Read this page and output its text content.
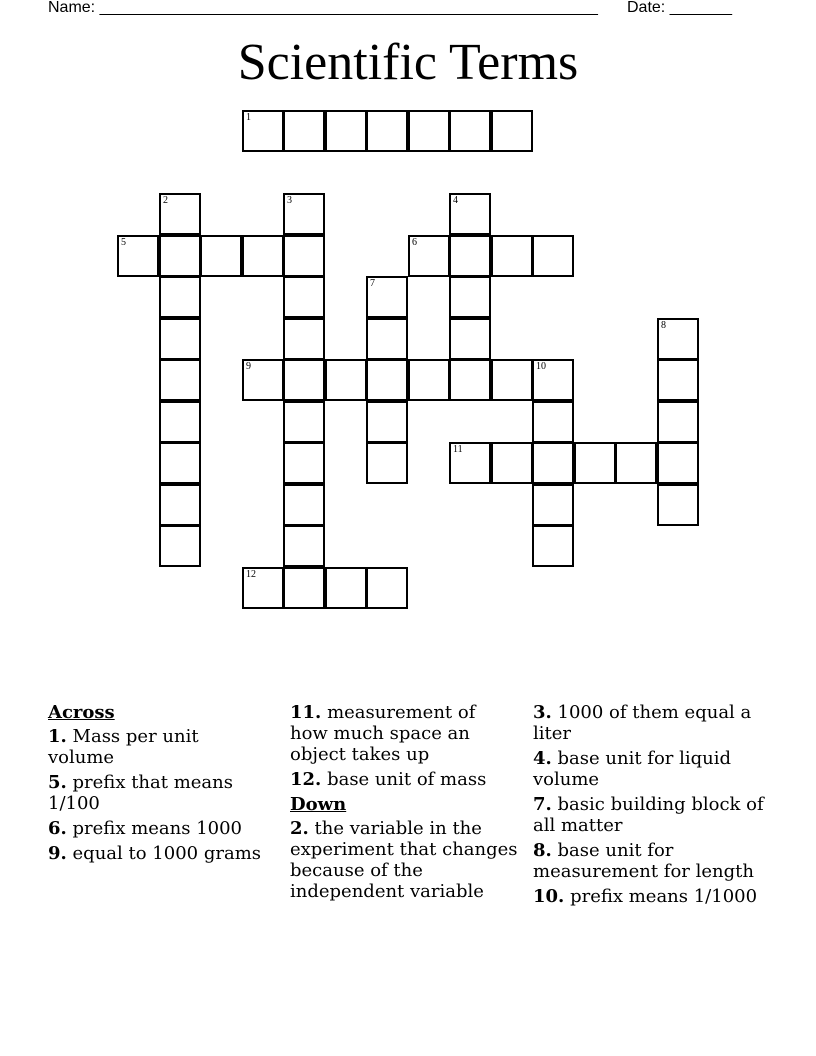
Name: ________________________________________________________ Date: _______
Scientific Terms
1
2	3	4
5	6
7
8
9	10
11
12
Across
1. Mass per unit volume
5. prefix that means 1/100
6. prefix means 1000
9. equal to 1000 grams
11. measurement of how much space an object takes up
12. base unit of mass
Down
2. the variable in the experiment that changes because of the independent variable
3. 1000 of them equal a liter
4. base unit for liquid volume
7. basic building block of all matter
8. base unit for measurement for length
10. prefix means 1/1000
